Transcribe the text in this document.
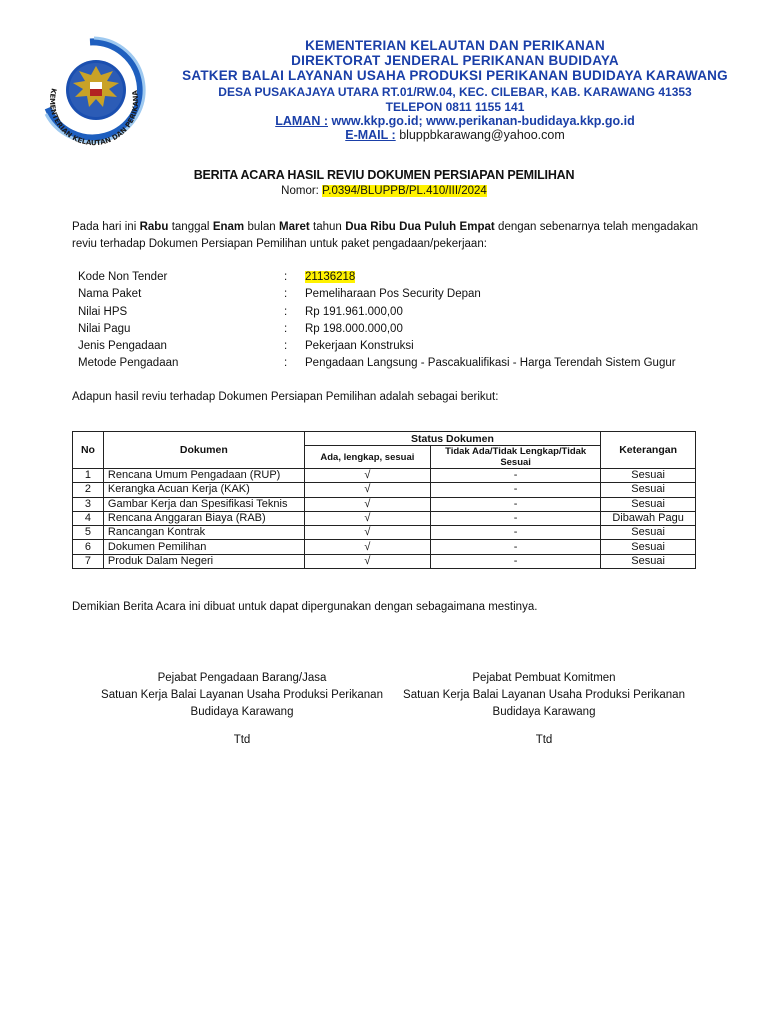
KEMENTERIAN KELAUTAN DAN PERIKANA
KEMENTERIAN KELAUTAN DAN PERIKANAN
DIREKTORAT JENDERAL PERIKANAN BUDIDAYA
SATKER BALAI LAYANAN USAHA PRODUKSI PERIKANAN BUDIDAYA KARAWANG
DESA PUSAKAJAYA UTARA RT.01/RW.04, KEC. CILEBAR, KAB. KARAWANG 41353
TELEPON 0811 1155 141
LAMAN : www.kkp.go.id; www.perikanan-budidaya.kkp.go.id
E-MAIL : bluppbkarawang@yahoo.com
BERITA ACARA HASIL REVIU DOKUMEN PERSIAPAN PEMILIHAN
Nomor: P.0394/BLUPPB/PL.410/III/2024
Pada hari ini Rabu tanggal Enam bulan Maret tahun Dua Ribu Dua Puluh Empat dengan sebenarnya telah mengadakan reviu terhadap Dokumen Persiapan Pemilihan untuk paket pengadaan/pekerjaan:
Kode Non Tender	: 21136218
Nama Paket	: Pemeliharaan Pos Security Depan
Nilai HPS	: Rp 191.961.000,00
Nilai Pagu	: Rp 198.000.000,00
Jenis Pengadaan	: Pekerjaan Konstruksi
Metode Pengadaan	: Pengadaan Langsung - Pascakualifikasi - Harga Terendah Sistem Gugur
Adapun hasil reviu terhadap Dokumen Persiapan Pemilihan adalah sebagai berikut:
No	Dokumen	Status Dokumen		Keterangan
		Ada, lengkap, sesuai	Tidak Ada/Tidak Lengkap/Tidak Sesuai	
1	Rencana Umum Pengadaan (RUP)	√	-	Sesuai
2	Kerangka Acuan Kerja (KAK)	√	-	Sesuai
3	Gambar Kerja dan Spesifikasi Teknis	√	-	Sesuai
4	Rencana Anggaran Biaya (RAB)	√	-	Dibawah Pagu
5	Rancangan Kontrak	√	-	Sesuai
6	Dokumen Pemilihan	√	-	Sesuai
7	Produk Dalam Negeri	√	-	Sesuai
Demikian Berita Acara ini dibuat untuk dapat dipergunakan dengan sebagaimana mestinya.
Pejabat Pengadaan Barang/Jasa
Satuan Kerja Balai Layanan Usaha Produksi Perikanan
Budidaya Karawang
Ttd
Pejabat Pembuat Komitmen
Satuan Kerja Balai Layanan Usaha Produksi Perikanan
Budidaya Karawang
Ttd
